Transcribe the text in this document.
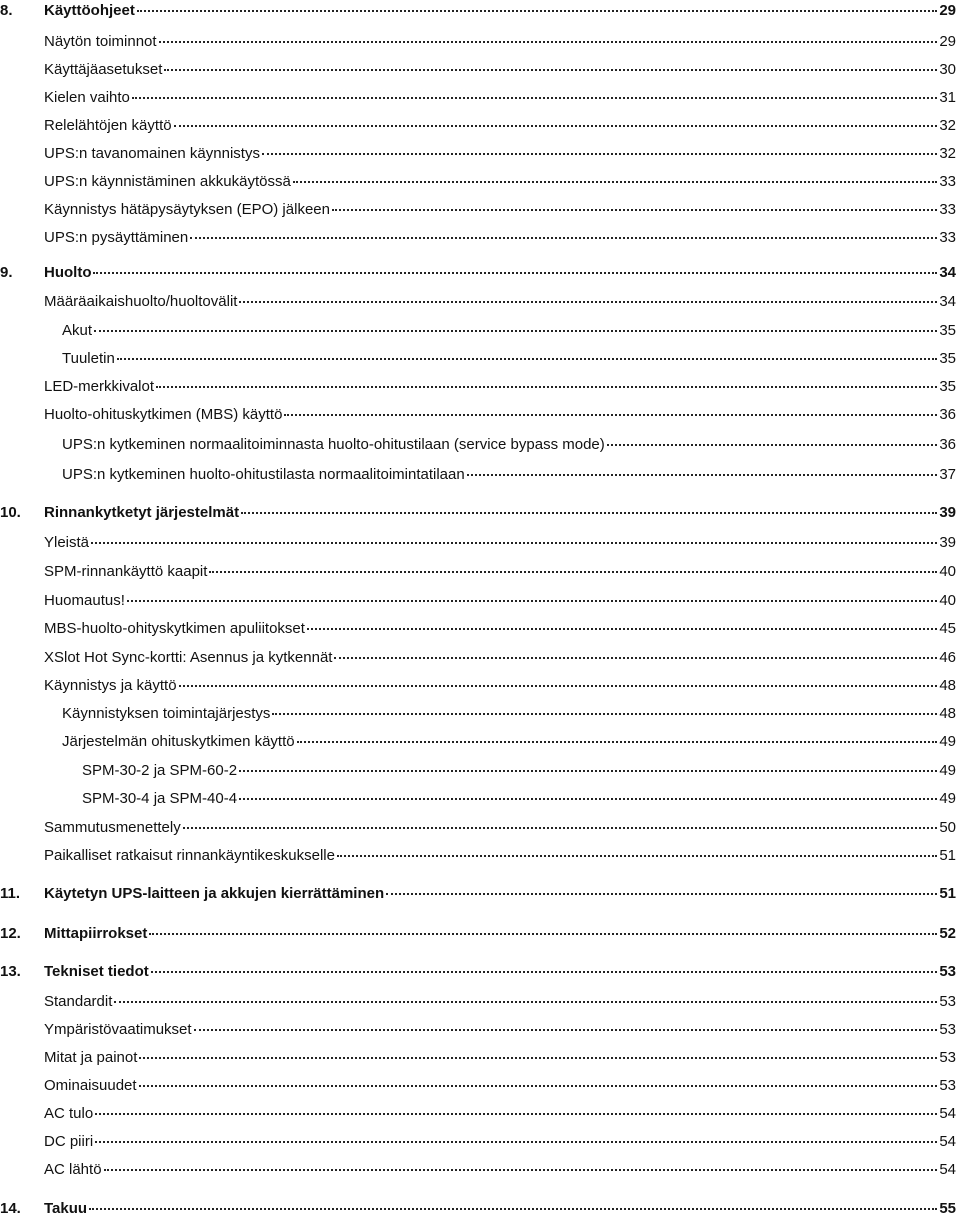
8.	Käyttöohjeet	29
Näytön toiminnot	29
Käyttäjäasetukset	30
Kielen vaihto	31
Relelähtöjen käyttö	32
UPS:n tavanomainen käynnistys	32
UPS:n käynnistäminen akkukäytössä	33
Käynnistys hätäpysäytyksen (EPO) jälkeen	33
UPS:n pysäyttäminen	33
9.	Huolto	34
Määräaikaishuolto/huoltovälit	34
Akut	35
Tuuletin	35
LED-merkkivalot	35
Huolto-ohituskytkimen (MBS) käyttö	36
UPS:n kytkeminen normaalitoiminnasta huolto-ohitustilaan (service bypass mode)	36
UPS:n kytkeminen huolto-ohitustilasta normaalitoimintatilaan	37
10.	Rinnankytketyt järjestelmät	39
Yleistä	39
SPM-rinnankäyttö kaapit	40
Huomautus!	40
MBS-huolto-ohityskytkimen apuliitokset	45
XSlot Hot Sync-kortti: Asennus ja kytkennät	46
Käynnistys ja käyttö	48
Käynnistyksen toimintajärjestys	48
Järjestelmän ohituskytkimen käyttö	49
SPM-30-2 ja SPM-60-2	49
SPM-30-4 ja SPM-40-4	49
Sammutusmenettely	50
Paikalliset ratkaisut rinnankäyntikeskukselle	51
11.	Käytetyn UPS-laitteen ja akkujen kierrättäminen	51
12.	Mittapiirrokset	52
13.	Tekniset tiedot	53
Standardit	53
Ympäristövaatimukset	53
Mitat ja painot	53
Ominaisuudet	53
AC tulo	54
DC piiri	54
AC lähtö	54
14.	Takuu	55
